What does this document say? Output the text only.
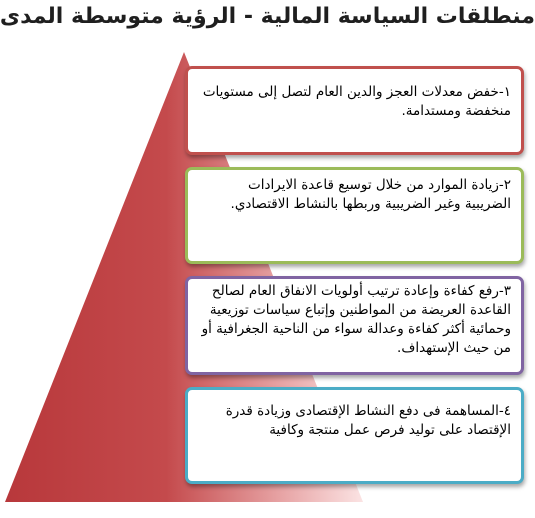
منطلقات السياسة المالية - الرؤية متوسطة المدى
١-خفض معدلات العجز والدين العام لتصل إلى مستويات منخفضة ومستدامة.
٢-زيادة الموارد من خلال توسيع قاعدة الايرادات الضريبية وغير الضريبية وربطها بالنشاط الاقتصادي.
٣-رفع كفاءة وإعادة ترتيب أولويات الانفاق العام لصالح القاعدة العريضة من المواطنين وإتباع سياسات توزيعية وحمائية أكثر كفاءة وعدالة سواء من الناحية الجغرافية أو من حيث الإستهداف.
٤-المساهمة فى دفع النشاط الإقتصادى وزيادة قدرة الإقتصاد على توليد فرص عمل منتجة وكافية
